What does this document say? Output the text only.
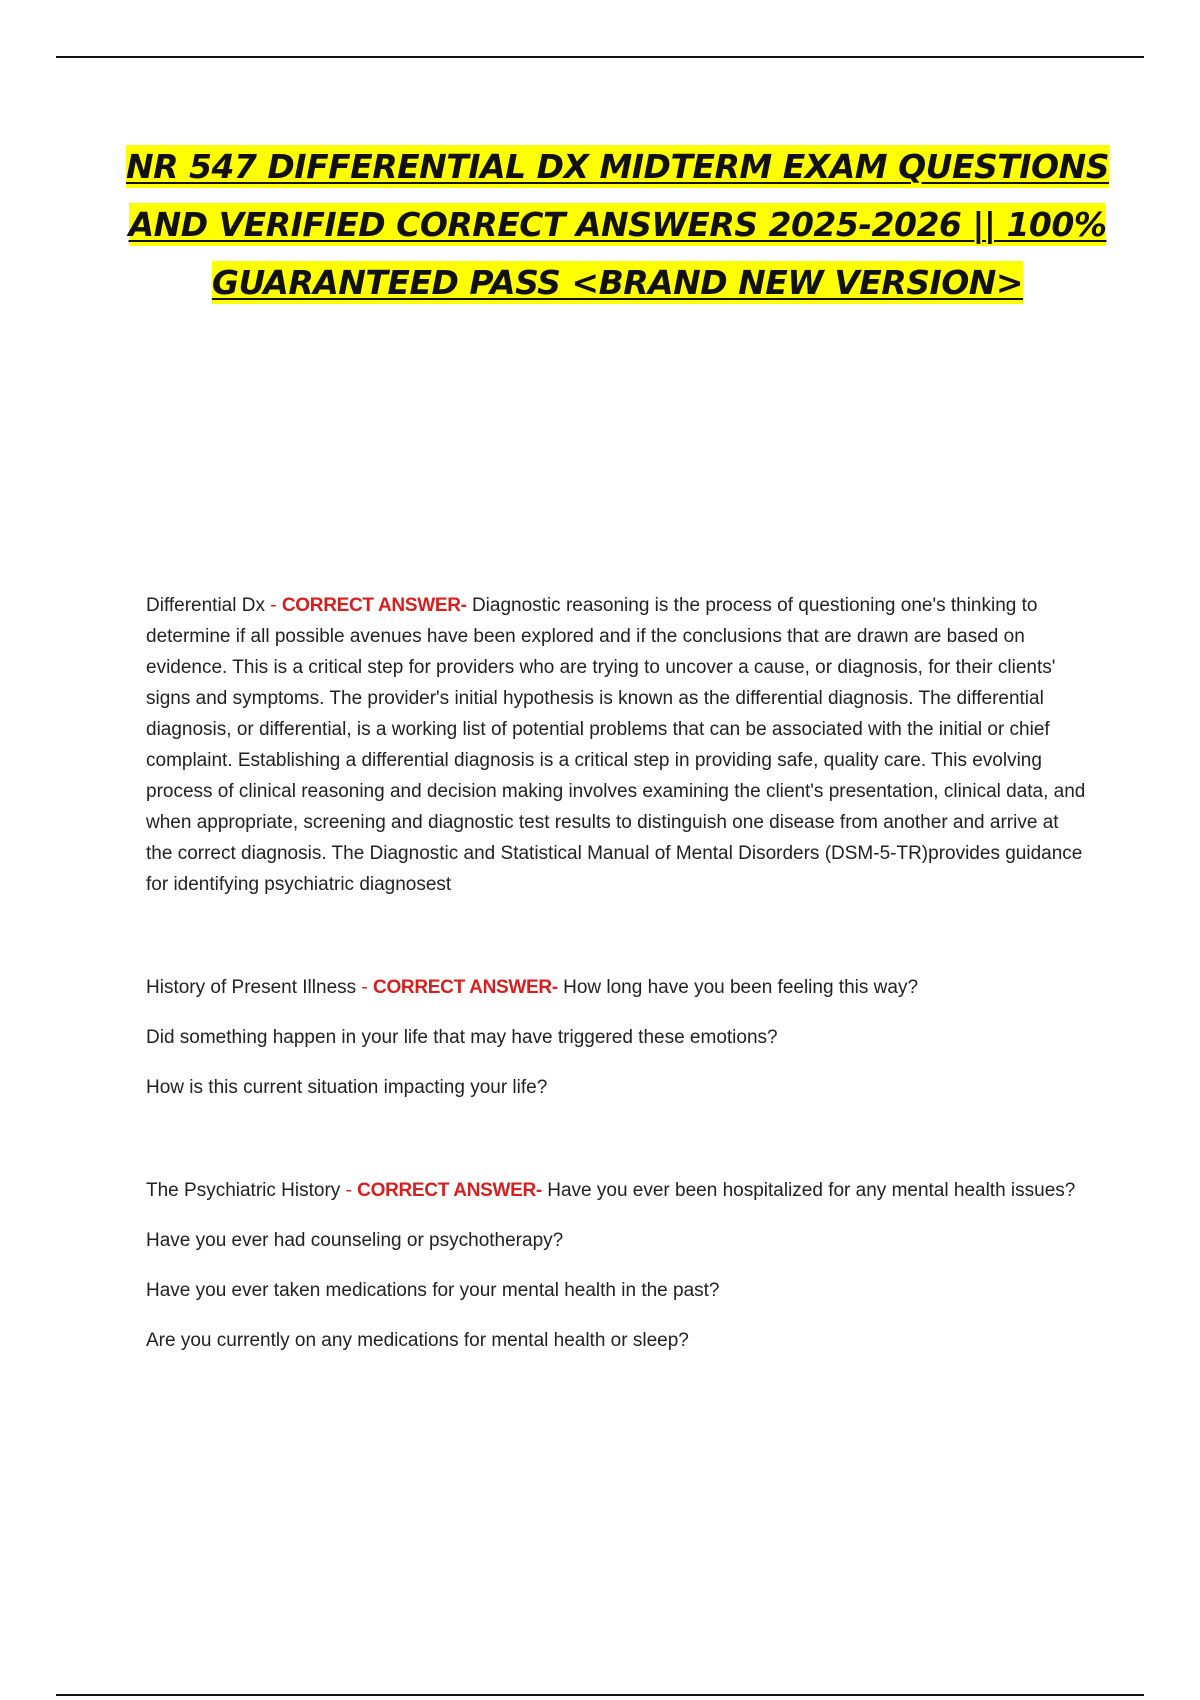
NR 547 DIFFERENTIAL DX MIDTERM EXAM QUESTIONS AND VERIFIED CORRECT ANSWERS 2025-2026 || 100% GUARANTEED PASS <BRAND NEW VERSION>

Differential Dx - CORRECT ANSWER- Diagnostic reasoning is the process of questioning one's thinking to determine if all possible avenues have been explored and if the conclusions that are drawn are based on evidence. This is a critical step for providers who are trying to uncover a cause, or diagnosis, for their clients' signs and symptoms. The provider's initial hypothesis is known as the differential diagnosis. The differential diagnosis, or differential, is a working list of potential problems that can be associated with the initial or chief complaint. Establishing a differential diagnosis is a critical step in providing safe, quality care. This evolving process of clinical reasoning and decision making involves examining the client's presentation, clinical data, and when appropriate, screening and diagnostic test results to distinguish one disease from another and arrive at the correct diagnosis. The Diagnostic and Statistical Manual of Mental Disorders (DSM-5-TR)provides guidance for identifying psychiatric diagnosest

History of Present Illness - CORRECT ANSWER- How long have you been feeling this way?

Did something happen in your life that may have triggered these emotions?

How is this current situation impacting your life?

The Psychiatric History - CORRECT ANSWER- Have you ever been hospitalized for any mental health issues?

Have you ever had counseling or psychotherapy?

Have you ever taken medications for your mental health in the past?

Are you currently on any medications for mental health or sleep?
